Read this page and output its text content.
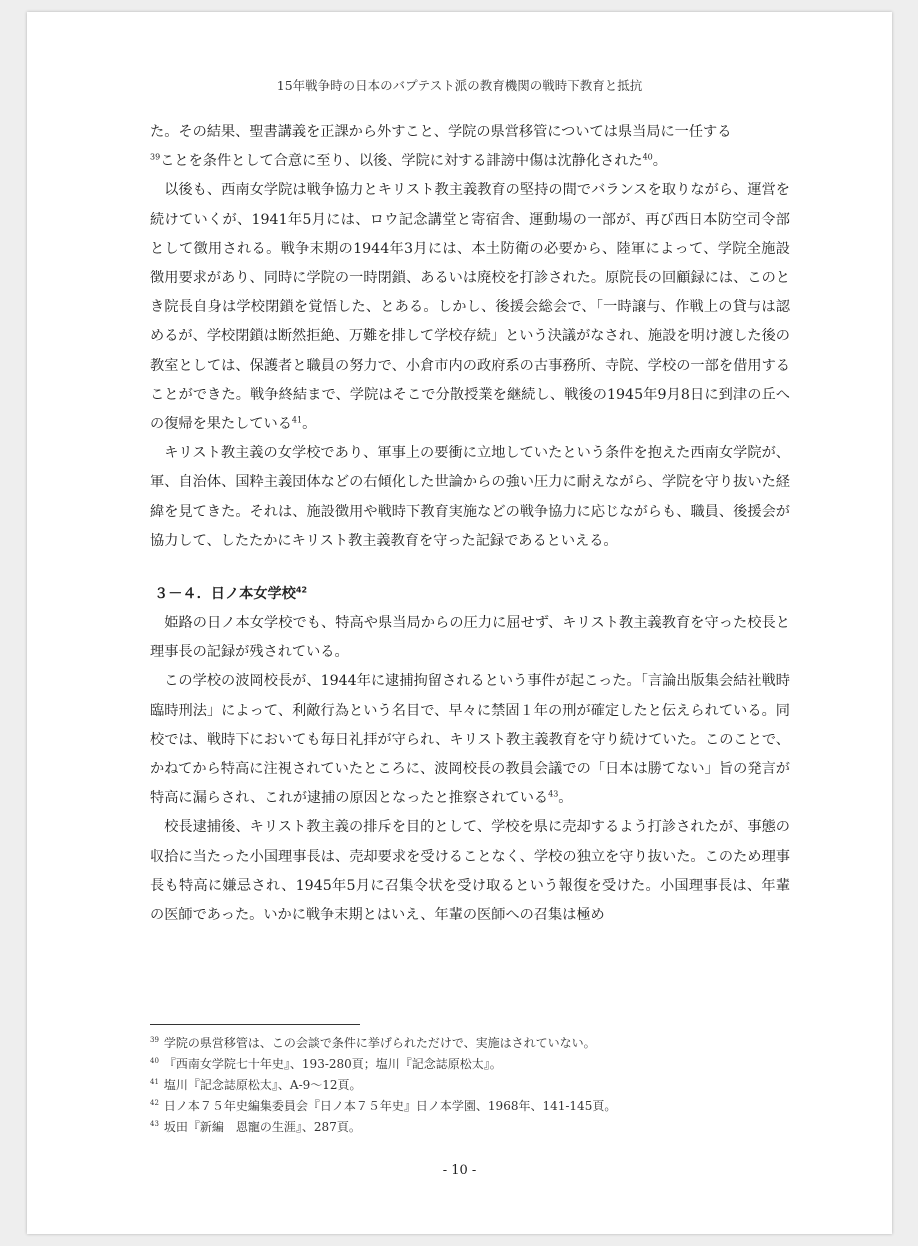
15年戦争時の日本のバプテスト派の教育機関の戦時下教育と抵抗

た。その結果、聖書講義を正課から外すこと、学院の県営移管については県当局に一任する

$^{39}$ことを条件として合意に至り、以後、学院に対する誹謗中傷は沈静化された$^{40}$。

以後も、西南女学院は戦争協力とキリスト教主義教育の堅持の間でバランスを取りながら、運営を続けていくが、1941年5月には、ロウ記念講堂と寄宿舎、運動場の一部が、再び西日本防空司令部として徴用される。戦争末期の1944年3月には、本土防衛の必要から、陸軍によって、学院全施設徴用要求があり、同時に学院の一時閉鎖、あるいは廃校を打診された。原院長の回顧録には、このとき院長自身は学校閉鎖を覚悟した、とある。しかし、後援会総会で、「一時譲与、作戦上の貸与は認めるが、学校閉鎖は断然拒絶、万難を排して学校存続」という決議がなされ、施設を明け渡した後の教室としては、保護者と職員の努力で、小倉市内の政府系の古事務所、寺院、学校の一部を借用することができた。戦争終結まで、学院はそこで分散授業を継続し、戦後の1945年9月8日に到津の丘への復帰を果たしている$^{41}$。

キリスト教主義の女学校であり、軍事上の要衝に立地していたという条件を抱えた西南女学院が、軍、自治体、国粋主義団体などの右傾化した世論からの強い圧力に耐えながら、学院を守り抜いた経緯を見てきた。それは、施設徴用や戦時下教育実施などの戦争協力に応じながらも、職員、後援会が協力して、したたかにキリスト教主義教育を守った記録であるといえる。

３－４．日ノ本女学校$^{42}$

姫路の日ノ本女学校でも、特高や県当局からの圧力に屈せず、キリスト教主義教育を守った校長と理事長の記録が残されている。

この学校の波岡校長が、1944年に逮捕拘留されるという事件が起こった。「言論出版集会結社戦時臨時刑法」によって、利敵行為という名目で、早々に禁固１年の刑が確定したと伝えられている。同校では、戦時下においても毎日礼拝が守られ、キリスト教主義教育を守り続けていた。このことで、かねてから特高に注視されていたところに、波岡校長の教員会議での「日本は勝てない」旨の発言が特高に漏らされ、これが逮捕の原因となったと推察されている$^{43}$。

校長逮捕後、キリスト教主義の排斥を目的として、学校を県に売却するよう打診されたが、事態の収拾に当たった小国理事長は、売却要求を受けることなく、学校の独立を守り抜いた。このため理事長も特高に嫌忌され、1945年5月に召集令状を受け取るという報復を受けた。小国理事長は、年輩の医師であった。いかに戦争末期とはいえ、年輩の医師への召集は極め

$^{39}$ 学院の県営移管は、この会談で条件に挙げられただけで、実施はされていない。
$^{40}$ 『西南女学院七十年史』、193-280頁；塩川『記念誌原松太』。
$^{41}$ 塩川『記念誌原松太』、A-9～12頁。
$^{42}$ 日ノ本７５年史編集委員会『日ノ本７５年史』日ノ本学園、1968年、141-145頁。
$^{43}$ 坂田『新編　恩寵の生涯』、287頁。
- 10 -
